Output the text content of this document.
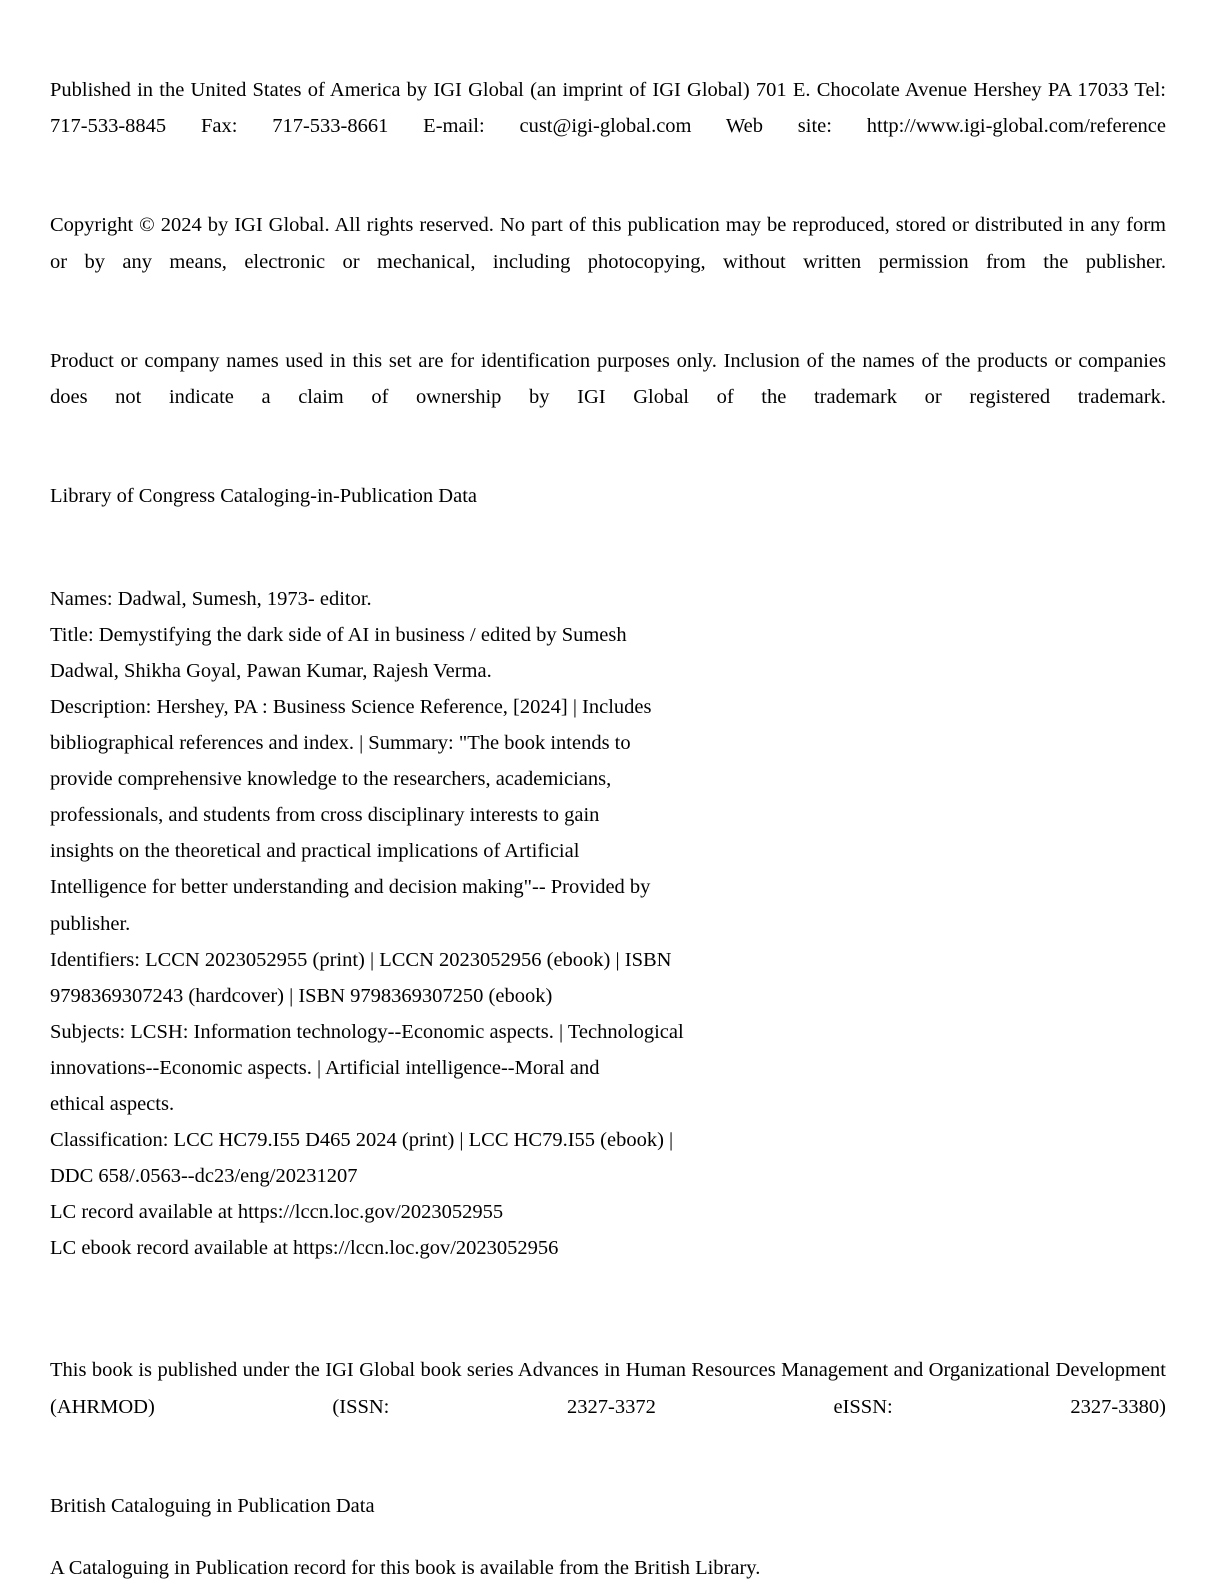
Published in the United States of America by IGI Global (an imprint of IGI Global) 701 E. Chocolate Avenue Hershey PA 17033 Tel: 717-533-8845 Fax: 717-533-8661 E-mail: cust@igi-global.com Web site: http://www.igi-global.com/reference

Copyright © 2024 by IGI Global. All rights reserved. No part of this publication may be reproduced, stored or distributed in any form or by any means, electronic or mechanical, including photocopying, without written permission from the publisher.

Product or company names used in this set are for identification purposes only. Inclusion of the names of the products or companies does not indicate a claim of ownership by IGI Global of the trademark or registered trademark.

Library of Congress Cataloging-in-Publication Data

Names: Dadwal, Sumesh, 1973- editor.
Title: Demystifying the dark side of AI in business / edited by Sumesh
Dadwal, Shikha Goyal, Pawan Kumar, Rajesh Verma.
Description: Hershey, PA : Business Science Reference, [2024] | Includes
bibliographical references and index. | Summary: "The book intends to
provide comprehensive knowledge to the researchers, academicians,
professionals, and students from cross disciplinary interests to gain
insights on the theoretical and practical implications of Artificial
Intelligence for better understanding and decision making"-- Provided by
publisher.
Identifiers: LCCN 2023052955 (print) | LCCN 2023052956 (ebook) | ISBN
9798369307243 (hardcover) | ISBN 9798369307250 (ebook)
Subjects: LCSH: Information technology--Economic aspects. | Technological
innovations--Economic aspects. | Artificial intelligence--Moral and
ethical aspects.
Classification: LCC HC79.I55 D465 2024 (print) | LCC HC79.I55 (ebook) |
DDC 658/.0563--dc23/eng/20231207
LC record available at https://lccn.loc.gov/2023052955
LC ebook record available at https://lccn.loc.gov/2023052956

This book is published under the IGI Global book series Advances in Human Resources Management and Organizational Development (AHRMOD) (ISSN: 2327-3372 eISSN: 2327-3380)

British Cataloguing in Publication Data

A Cataloguing in Publication record for this book is available from the British Library.
